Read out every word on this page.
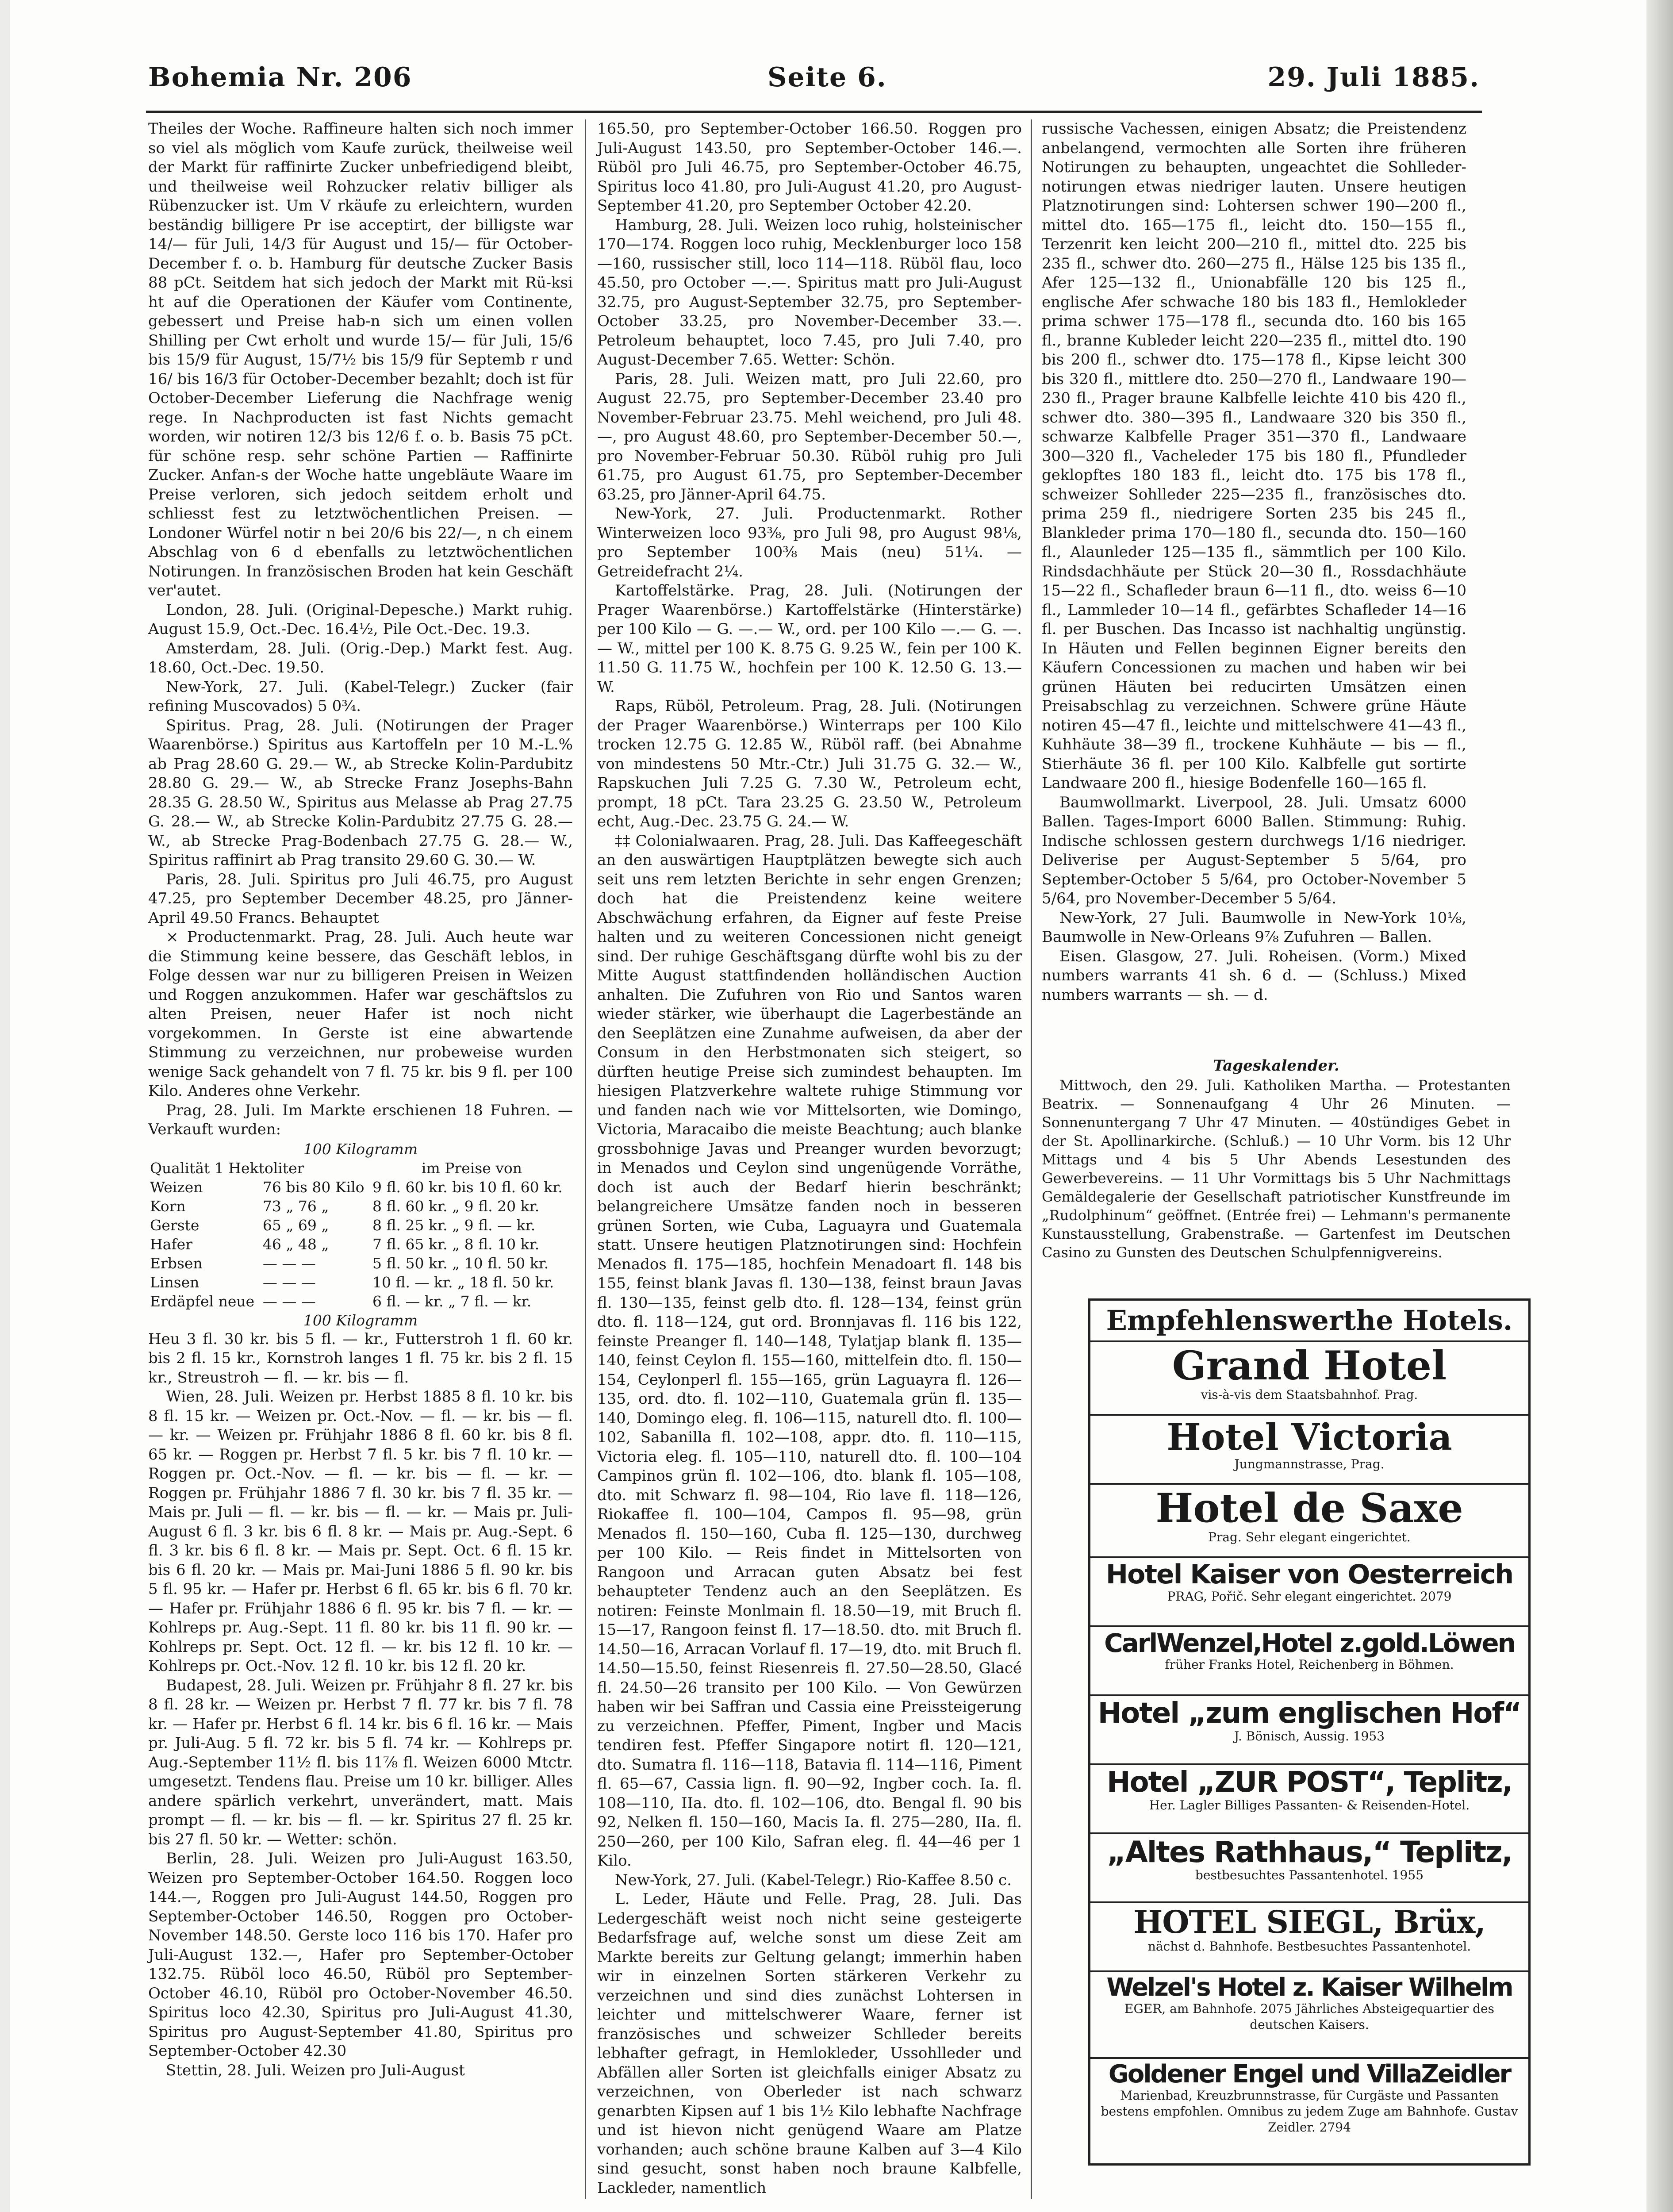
Bohemia Nr. 206	Seite 6.	29. Juli 1885.

Theiles der Woche. Raffineure halten sich noch immer so viel als möglich vom Kaufe zurück, theilweise weil der Markt für raffinirte Zucker unbefriedigend bleibt, und theilweise weil Rohzucker relativ billiger als Rübenzucker ist. Um V rkäufe zu erleichtern, wurden beständig billigere Pr ise acceptirt, der billigste war 14/— für Juli, 14/3 für August und 15/— für October-December f. o. b. Hamburg für deutsche Zucker Basis 88 pCt. Seitdem hat sich jedoch der Markt mit Rü-ksi ht auf die Operationen der Käufer vom Continente, gebessert und Preise hab-n sich um einen vollen Shilling per Cwt erholt und wurde 15/— für Juli, 15/6 bis 15/9 für August, 15/7½ bis 15/9 für Septemb r und 16/ bis 16/3 für October-December bezahlt; doch ist für October-December Lieferung die Nachfrage wenig rege. In Nachproducten ist fast Nichts gemacht worden, wir notiren 12/3 bis 12/6 f. o. b. Basis 75 pCt. für schöne resp. sehr schöne Partien — Raffinirte Zucker. Anfan-s der Woche hatte ungebläute Waare im Preise verloren, sich jedoch seitdem erholt und schliesst fest zu letztwöchentlichen Preisen. — Londoner Würfel notir n bei 20/6 bis 22/—, n ch einem Abschlag von 6 d ebenfalls zu letztwöchentlichen Notirungen. In französischen Broden hat kein Geschäft ver'autet.

London, 28. Juli. (Original-Depesche.) Markt ruhig. August 15.9, Oct.-Dec. 16.4½, Pile Oct.-Dec. 19.3.

Amsterdam, 28. Juli. (Orig.-Dep.) Markt fest. Aug. 18.60, Oct.-Dec. 19.50.

New-York, 27. Juli. (Kabel-Telegr.) Zucker (fair refining Muscovados) 5 0¾.

Spiritus. Prag, 28. Juli. (Notirungen der Prager Waarenbörse.) Spiritus aus Kartoffeln per 10 M.-L.% ab Prag 28.60 G. 29.— W., ab Strecke Kolin-Pardubitz 28.80 G. 29.— W., ab Strecke Franz Josephs-Bahn 28.35 G. 28.50 W., Spiritus aus Melasse ab Prag 27.75 G. 28.— W., ab Strecke Kolin-Pardubitz 27.75 G. 28.— W., ab Strecke Prag-Bodenbach 27.75 G. 28.— W., Spiritus raffinirt ab Prag transito 29.60 G. 30.— W.

Paris, 28. Juli. Spiritus pro Juli 46.75, pro August 47.25, pro September December 48.25, pro Jänner-April 49.50 Francs. Behauptet

× Productenmarkt. Prag, 28. Juli. Auch heute war die Stimmung keine bessere, das Geschäft leblos, in Folge dessen war nur zu billigeren Preisen in Weizen und Roggen anzukommen. Hafer war geschäftslos zu alten Preisen, neuer Hafer ist noch nicht vorgekommen. In Gerste ist eine abwartende Stimmung zu verzeichnen, nur probeweise wurden wenige Sack gehandelt von 7 fl. 75 kr. bis 9 fl. per 100 Kilo. Anderes ohne Verkehr.

Prag, 28. Juli. Im Markte erschienen 18 Fuhren. — Verkauft wurden:

100 Kilogramm		
Qualität 1 Hektoliter		im Preise von
Weizen	76 bis 80 Kilo	9 fl. 60 kr. bis 10 fl. 60 kr.
Korn	73 „ 76 „	8 fl. 60 kr. „ 9 fl. 20 kr.
Gerste	65 „ 69 „	8 fl. 25 kr. „ 9 fl. — kr.
Hafer	46 „ 48 „	7 fl. 65 kr. „ 8 fl. 10 kr.
Erbsen	— — —	5 fl. 50 kr. „ 10 fl. 50 kr.
Linsen	— — —	10 fl. — kr. „ 18 fl. 50 kr.
Erdäpfel neue	— — —	6 fl. — kr. „ 7 fl. — kr.
100 Kilogramm		

Heu 3 fl. 30 kr. bis 5 fl. — kr., Futterstroh 1 fl. 60 kr. bis 2 fl. 15 kr., Kornstroh langes 1 fl. 75 kr. bis 2 fl. 15 kr., Streustroh — fl. — kr. bis — fl.

Wien, 28. Juli. Weizen pr. Herbst 1885 8 fl. 10 kr. bis 8 fl. 15 kr. — Weizen pr. Oct.-Nov. — fl. — kr. bis — fl. — kr. — Weizen pr. Frühjahr 1886 8 fl. 60 kr. bis 8 fl. 65 kr. — Roggen pr. Herbst 7 fl. 5 kr. bis 7 fl. 10 kr. — Roggen pr. Oct.-Nov. — fl. — kr. bis — fl. — kr. — Roggen pr. Frühjahr 1886 7 fl. 30 kr. bis 7 fl. 35 kr. — Mais pr. Juli — fl. — kr. bis — fl. — kr. — Mais pr. Juli-August 6 fl. 3 kr. bis 6 fl. 8 kr. — Mais pr. Aug.-Sept. 6 fl. 3 kr. bis 6 fl. 8 kr. — Mais pr. Sept. Oct. 6 fl. 15 kr. bis 6 fl. 20 kr. — Mais pr. Mai-Juni 1886 5 fl. 90 kr. bis 5 fl. 95 kr. — Hafer pr. Herbst 6 fl. 65 kr. bis 6 fl. 70 kr. — Hafer pr. Frühjahr 1886 6 fl. 95 kr. bis 7 fl. — kr. — Kohlreps pr. Aug.-Sept. 11 fl. 80 kr. bis 11 fl. 90 kr. — Kohlreps pr. Sept. Oct. 12 fl. — kr. bis 12 fl. 10 kr. — Kohlreps pr. Oct.-Nov. 12 fl. 10 kr. bis 12 fl. 20 kr.

Budapest, 28. Juli. Weizen pr. Frühjahr 8 fl. 27 kr. bis 8 fl. 28 kr. — Weizen pr. Herbst 7 fl. 77 kr. bis 7 fl. 78 kr. — Hafer pr. Herbst 6 fl. 14 kr. bis 6 fl. 16 kr. — Mais pr. Juli-Aug. 5 fl. 72 kr. bis 5 fl. 74 kr. — Kohlreps pr. Aug.-September 11½ fl. bis 11⅞ fl. Weizen 6000 Mtctr. umgesetzt. Tendens flau. Preise um 10 kr. billiger. Alles andere spärlich verkehrt, unverändert, matt. Mais prompt — fl. — kr. bis — fl. — kr. Spiritus 27 fl. 25 kr. bis 27 fl. 50 kr. — Wetter: schön.

Berlin, 28. Juli. Weizen pro Juli-August 163.50, Weizen pro September-October 164.50. Roggen loco 144.—, Roggen pro Juli-August 144.50, Roggen pro September-October 146.50, Roggen pro October-November 148.50. Gerste loco 116 bis 170. Hafer pro Juli-August 132.—, Hafer pro September-October 132.75. Rüböl loco 46.50, Rüböl pro September-October 46.10, Rüböl pro October-November 46.50. Spiritus loco 42.30, Spiritus pro Juli-August 41.30, Spiritus pro August-September 41.80, Spiritus pro September-October 42.30

Stettin, 28. Juli. Weizen pro Juli-August

165.50, pro September-October 166.50. Roggen pro Juli-August 143.50, pro September-October 146.—. Rüböl pro Juli 46.75, pro September-October 46.75, Spiritus loco 41.80, pro Juli-August 41.20, pro August-September 41.20, pro September October 42.20.

Hamburg, 28. Juli. Weizen loco ruhig, holsteinischer 170—174. Roggen loco ruhig, Mecklenburger loco 158—160, russischer still, loco 114—118. Rüböl flau, loco 45.50, pro October —.—. Spiritus matt pro Juli-August 32.75, pro August-September 32.75, pro September-October 33.25, pro November-December 33.—. Petroleum behauptet, loco 7.45, pro Juli 7.40, pro August-December 7.65. Wetter: Schön.

Paris, 28. Juli. Weizen matt, pro Juli 22.60, pro August 22.75, pro September-December 23.40 pro November-Februar 23.75. Mehl weichend, pro Juli 48.—, pro August 48.60, pro September-December 50.—, pro November-Februar 50.30. Rüböl ruhig pro Juli 61.75, pro August 61.75, pro September-December 63.25, pro Jänner-April 64.75.

New-York, 27. Juli. Productenmarkt. Rother Winterweizen loco 93⅜, pro Juli 98, pro August 98⅛, pro September 100⅜ Mais (neu) 51¼. — Getreidefracht 2¼.

Kartoffelstärke. Prag, 28. Juli. (Notirungen der Prager Waarenbörse.) Kartoffelstärke (Hinterstärke) per 100 Kilo — G. —.— W., ord. per 100 Kilo —.— G. —.— W., mittel per 100 K. 8.75 G. 9.25 W., fein per 100 K. 11.50 G. 11.75 W., hochfein per 100 K. 12.50 G. 13.— W.

Raps, Rüböl, Petroleum. Prag, 28. Juli. (Notirungen der Prager Waarenbörse.) Winterraps per 100 Kilo trocken 12.75 G. 12.85 W., Rüböl raff. (bei Abnahme von mindestens 50 Mtr.-Ctr.) Juli 31.75 G. 32.— W., Rapskuchen Juli 7.25 G. 7.30 W., Petroleum echt, prompt, 18 pCt. Tara 23.25 G. 23.50 W., Petroleum echt, Aug.-Dec. 23.75 G. 24.— W.

‡‡ Colonialwaaren. Prag, 28. Juli. Das Kaffeegeschäft an den auswärtigen Hauptplätzen bewegte sich auch seit uns rem letzten Berichte in sehr engen Grenzen; doch hat die Preistendenz keine weitere Abschwächung erfahren, da Eigner auf feste Preise halten und zu weiteren Concessionen nicht geneigt sind. Der ruhige Geschäftsgang dürfte wohl bis zu der Mitte August stattfindenden holländischen Auction anhalten. Die Zufuhren von Rio und Santos waren wieder stärker, wie überhaupt die Lagerbestände an den Seeplätzen eine Zunahme aufweisen, da aber der Consum in den Herbstmonaten sich steigert, so dürften heutige Preise sich zumindest behaupten. Im hiesigen Platzverkehre waltete ruhige Stimmung vor und fanden nach wie vor Mittelsorten, wie Domingo, Victoria, Maracaibo die meiste Beachtung; auch blanke grossbohnige Javas und Preanger wurden bevorzugt; in Menados und Ceylon sind ungenügende Vorräthe, doch ist auch der Bedarf hierin beschränkt; belangreichere Umsätze fanden noch in besseren grünen Sorten, wie Cuba, Laguayra und Guatemala statt. Unsere heutigen Platznotirungen sind: Hochfein Menados fl. 175—185, hochfein Menadoart fl. 148 bis 155, feinst blank Javas fl. 130—138, feinst braun Javas fl. 130—135, feinst gelb dto. fl. 128—134, feinst grün dto. fl. 118—124, gut ord. Bronnjavas fl. 116 bis 122, feinste Preanger fl. 140—148, Tylatjap blank fl. 135—140, feinst Ceylon fl. 155—160, mittelfein dto. fl. 150—154, Ceylonperl fl. 155—165, grün Laguayra fl. 126—135, ord. dto. fl. 102—110, Guatemala grün fl. 135—140, Domingo eleg. fl. 106—115, naturell dto. fl. 100—102, Sabanilla fl. 102—108, appr. dto. fl. 110—115, Victoria eleg. fl. 105—110, naturell dto. fl. 100—104 Campinos grün fl. 102—106, dto. blank fl. 105—108, dto. mit Schwarz fl. 98—104, Rio lave fl. 118—126, Riokaffee fl. 100—104, Campos fl. 95—98, grün Menados fl. 150—160, Cuba fl. 125—130, durchweg per 100 Kilo. — Reis findet in Mittelsorten von Rangoon und Arracan guten Absatz bei fest behaupteter Tendenz auch an den Seeplätzen. Es notiren: Feinste Monlmain fl. 18.50—19, mit Bruch fl. 15—17, Rangoon feinst fl. 17—18.50. dto. mit Bruch fl. 14.50—16, Arracan Vorlauf fl. 17—19, dto. mit Bruch fl. 14.50—15.50, feinst Riesenreis fl. 27.50—28.50, Glacé fl. 24.50—26 transito per 100 Kilo. — Von Gewürzen haben wir bei Saffran und Cassia eine Preissteigerung zu verzeichnen. Pfeffer, Piment, Ingber und Macis tendiren fest. Pfeffer Singapore notirt fl. 120—121, dto. Sumatra fl. 116—118, Batavia fl. 114—116, Piment fl. 65—67, Cassia lign. fl. 90—92, Ingber coch. Ia. fl. 108—110, IIa. dto. fl. 102—106, dto. Bengal fl. 90 bis 92, Nelken fl. 150—160, Macis Ia. fl. 275—280, IIa. fl. 250—260, per 100 Kilo, Safran eleg. fl. 44—46 per 1 Kilo.

New-York, 27. Juli. (Kabel-Telegr.) Rio-Kaffee 8.50 c.

L. Leder, Häute und Felle. Prag, 28. Juli. Das Ledergeschäft weist noch nicht seine gesteigerte Bedarfsfrage auf, welche sonst um diese Zeit am Markte bereits zur Geltung gelangt; immerhin haben wir in einzelnen Sorten stärkeren Verkehr zu verzeichnen und sind dies zunächst Lohtersen in leichter und mittelschwerer Waare, ferner ist französisches und schweizer Schlleder bereits lebhafter gefragt, in Hemlokleder, Ussohlleder und Abfällen aller Sorten ist gleichfalls einiger Absatz zu verzeichnen, von Oberleder ist nach schwarz genarbten Kipsen auf 1 bis 1½ Kilo lebhafte Nachfrage und ist hievon nicht genügend Waare am Platze vorhanden; auch schöne braune Kalben auf 3—4 Kilo sind gesucht, sonst haben noch braune Kalbfelle, Lackleder, namentlich

russische Vachessen, einigen Absatz; die Preistendenz anbelangend, vermochten alle Sorten ihre früheren Notirungen zu behaupten, ungeachtet die Sohlleder-notirungen etwas niedriger lauten. Unsere heutigen Platznotirungen sind: Lohtersen schwer 190—200 fl., mittel dto. 165—175 fl., leicht dto. 150—155 fl., Terzenrit ken leicht 200—210 fl., mittel dto. 225 bis 235 fl., schwer dto. 260—275 fl., Hälse 125 bis 135 fl., Afer 125—132 fl., Unionabfälle 120 bis 125 fl., englische Afer schwache 180 bis 183 fl., Hemlokleder prima schwer 175—178 fl., secunda dto. 160 bis 165 fl., branne Kubleder leicht 220—235 fl., mittel dto. 190 bis 200 fl., schwer dto. 175—178 fl., Kipse leicht 300 bis 320 fl., mittlere dto. 250—270 fl., Landwaare 190—230 fl., Prager braune Kalbfelle leichte 410 bis 420 fl., schwer dto. 380—395 fl., Landwaare 320 bis 350 fl., schwarze Kalbfelle Prager 351—370 fl., Landwaare 300—320 fl., Vacheleder 175 bis 180 fl., Pfundleder geklopftes 180 183 fl., leicht dto. 175 bis 178 fl., schweizer Sohlleder 225—235 fl., französisches dto. prima 259 fl., niedrigere Sorten 235 bis 245 fl., Blankleder prima 170—180 fl., secunda dto. 150—160 fl., Alaunleder 125—135 fl., sämmtlich per 100 Kilo. Rindsdachhäute per Stück 20—30 fl., Rossdachhäute 15—22 fl., Schafleder braun 6—11 fl., dto. weiss 6—10 fl., Lammleder 10—14 fl., gefärbtes Schafleder 14—16 fl. per Buschen. Das Incasso ist nachhaltig ungünstig. In Häuten und Fellen beginnen Eigner bereits den Käufern Concessionen zu machen und haben wir bei grünen Häuten bei reducirten Umsätzen einen Preisabschlag zu verzeichnen. Schwere grüne Häute notiren 45—47 fl., leichte und mittelschwere 41—43 fl., Kuhhäute 38—39 fl., trockene Kuhhäute — bis — fl., Stierhäute 36 fl. per 100 Kilo. Kalbfelle gut sortirte Landwaare 200 fl., hiesige Bodenfelle 160—165 fl.

Baumwollmarkt. Liverpool, 28. Juli. Umsatz 6000 Ballen. Tages-Import 6000 Ballen. Stimmung: Ruhig. Indische schlossen gestern durchwegs 1/16 niedriger. Deliverise per August-September 5 5/64, pro September-October 5 5/64, pro October-November 5 5/64, pro November-December 5 5/64.

New-York, 27 Juli. Baumwolle in New-York 10⅛, Baumwolle in New-Orleans 9⅞ Zufuhren — Ballen.

Eisen. Glasgow, 27. Juli. Roheisen. (Vorm.) Mixed numbers warrants 41 sh. 6 d. — (Schluss.) Mixed numbers warrants — sh. — d.

Tageskalender.

Mittwoch, den 29. Juli. Katholiken Martha. — Protestanten Beatrix. — Sonnenaufgang 4 Uhr 26 Minuten. — Sonnenuntergang 7 Uhr 47 Minuten. — 40stündiges Gebet in der St. Apollinarkirche. (Schluß.) — 10 Uhr Vorm. bis 12 Uhr Mittags und 4 bis 5 Uhr Abends Lesestunden des Gewerbevereins. — 11 Uhr Vormittags bis 5 Uhr Nachmittags Gemäldegalerie der Gesellschaft patriotischer Kunstfreunde im „Rudolphinum“ geöffnet. (Entrée frei) — Lehmann's permanente Kunstausstellung, Grabenstraße. — Gartenfest im Deutschen Casino zu Gunsten des Deutschen Schulpfennigvereins.

Empfehlenswerthe Hotels.
Grand Hotel
vis-à-vis dem Staatsbahnhof. Prag.
Hotel Victoria
Jungmannstrasse, Prag.
Hotel de Saxe
Prag. Sehr elegant eingerichtet.
Hotel Kaiser von Oesterreich
PRAG, Pořič. Sehr elegant eingerichtet. 2079
CarlWenzel,Hotel z.gold.Löwen
früher Franks Hotel, Reichenberg in Böhmen.
Hotel „zum englischen Hof“
J. Bönisch, Aussig. 1953
Hotel „ZUR POST“, Teplitz,
Her. Lagler Billiges Passanten- & Reisenden-Hotel.
„Altes Rathhaus,“ Teplitz,
bestbesuchtes Passantenhotel. 1955
HOTEL SIEGL, Brüx,
nächst d. Bahnhofe. Bestbesuchtes Passantenhotel.
Welzel's Hotel z. Kaiser Wilhelm
EGER, am Bahnhofe. 2075 Jährliches Absteigequartier des deutschen Kaisers.
Goldener Engel und VillaZeidler
Marienbad, Kreuzbrunnstrasse, für Curgäste und Passanten bestens empfohlen. Omnibus zu jedem Zuge am Bahnhofe. Gustav Zeidler. 2794
